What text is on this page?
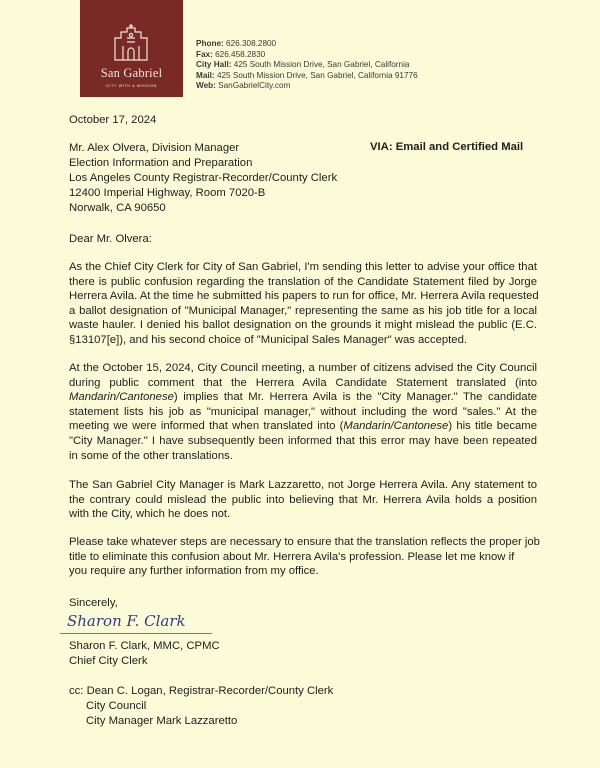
San Gabriel
CITY WITH A MISSION
Phone: 626.308.2800
Fax: 626.458.2830
City Hall: 425 South Mission Drive, San Gabriel, California
Mail: 425 South Mission Drive, San Gabriel, California 91776
Web: SanGabrielCity.com
October 17, 2024
Mr. Alex Olvera, Division Manager
Election Information and Preparation
Los Angeles County Registrar-Recorder/County Clerk
12400 Imperial Highway, Room 7020-B
Norwalk, CA 90650
VIA: Email and Certified Mail
Dear Mr. Olvera:
As the Chief City Clerk for City of San Gabriel, I'm sending this letter to advise your office that
there is public confusion regarding the translation of the Candidate Statement filed by Jorge
Herrera Avila. At the time he submitted his papers to run for office, Mr. Herrera Avila requested
a ballot designation of "Municipal Manager," representing the same as his job title for a local
waste hauler. I denied his ballot designation on the grounds it might mislead the public (E.C.
§13107[e]), and his second choice of "Municipal Sales Manager" was accepted.
At the October 15, 2024, City Council meeting, a number of citizens advised the City Council
during public comment that the Herrera Avila Candidate Statement translated (into
Mandarin/Cantonese) implies that Mr. Herrera Avila is the "City Manager." The candidate
statement lists his job as "municipal manager," without including the word "sales." At the
meeting we were informed that when translated into (Mandarin/Cantonese) his title became
"City Manager." I have subsequently been informed that this error may have been repeated
in some of the other translations.
The San Gabriel City Manager is Mark Lazzaretto, not Jorge Herrera Avila. Any statement to
the contrary could mislead the public into believing that Mr. Herrera Avila holds a position
with the City, which he does not.
Please take whatever steps are necessary to ensure that the translation reflects the proper job
title to eliminate this confusion about Mr. Herrera Avila's profession. Please let me know if
you require any further information from my office.
Sincerely,
Sharon F. Clark
Sharon F. Clark, MMC, CPMC
Chief City Clerk
cc: Dean C. Logan, Registrar-Recorder/County Clerk
City Council
City Manager Mark Lazzaretto
